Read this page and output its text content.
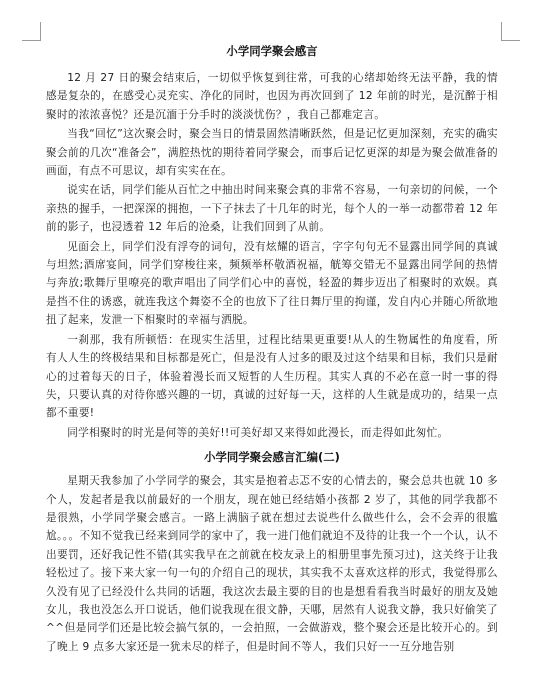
小学同学聚会感言

12 月 27 日的聚会结束后，一切似乎恢复到往常，可我的心绪却始终无法平静，我的情感是复杂的，在感受心灵充实、净化的同时，也因为再次回到了 12 年前的时光，是沉醉于相聚时的浓浓喜悦？还是沉湎于分手时的淡淡忧伤？，我自己都难定言。

当我“回忆”这次聚会时，聚会当日的情景固然清晰跃然，但是记忆更加深刻，充实的确实聚会前的几次“准备会”，满腔热忱的期待着同学聚会，而事后记忆更深的却是为聚会做准备的画面，有点不可思议，却有实实在在。

说实在话，同学们能从百忙之中抽出时间来聚会真的非常不容易，一句亲切的问候，一个亲热的握手，一把深深的拥抱，一下子抹去了十几年的时光，每个人的一举一动都带着 12 年前的影子，也浸透着 12 年后的沧桑，让我们回到了从前。

见面会上，同学们没有浮夸的词句，没有炫耀的语言，字字句句无不显露出同学间的真诚与坦然;酒席宴间，同学们穿梭往来，频频举杯敬酒祝福，觥筹交错无不显露出同学间的热情与奔放;歌舞厅里嘹亮的歌声唱出了同学们心中的喜悦，轻盈的舞步迈出了相聚时的欢娱。真是挡不住的诱惑，就连我这个舞姿不全的也放下了往日舞厅里的拘谨，发自内心并随心所欲地扭了起来，发泄一下相聚时的幸福与洒脱。

一刹那，我有所顿悟：在现实生活里，过程比结果更重要!从人的生物属性的角度看，所有人人生的终极结果和目标都是死亡，但是没有人过多的眼及过这个结果和目标，我们只是耐心的过着每天的日子，体验着漫长而又短暂的人生历程。其实人真的不必在意一时一事的得失，只要认真的对待你感兴趣的一切，真诚的过好每一天，这样的人生就是成功的，结果一点都不重要!

同学相聚时的时光是何等的美好!!可美好却又来得如此漫长，而走得如此匆忙。

小学同学聚会感言汇编(二)

星期天我参加了小学同学的聚会，其实是抱着忐忑不安的心情去的，聚会总共也就 10 多个人，发起者是我以前最好的一个朋友，现在她已经结婚小孩都 2 岁了，其他的同学我都不是很熟，小学同学聚会感言。一路上满脑子就在想过去说些什么做些什么，会不会弄的很尴尬。。。不知不觉我已经来到同学的家中了，我一进门他们就迫不及待的让我一个一个认，认不出要罚，还好我记性不错(其实我早在之前就在校友录上的相册里事先预习过)，这关终于让我轻松过了。接下来大家一句一句的介绍自己的现状，其实我不太喜欢这样的形式，我觉得那么久没有见了已经没什么共同的话题，我这次去最主要的目的也是想看看我当时最好的朋友及她女儿，我也没怎么开口说话，他们说我现在很文静，天哪，居然有人说我文静，我只好偷笑了^^但是同学们还是比较会搞气氛的，一会拍照，一会做游戏，整个聚会还是比较开心的。到了晚上 9 点多大家还是一犹未尽的样子，但是时间不等人，我们只好一一互分地告别
